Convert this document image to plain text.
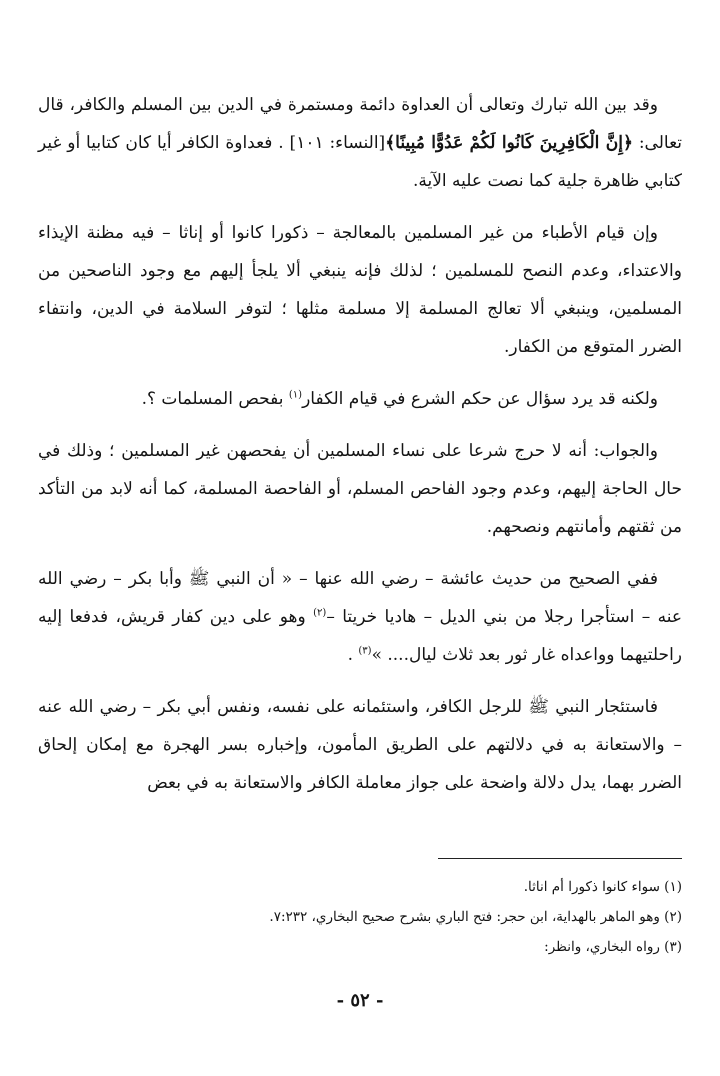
وقد بين الله تبارك وتعالى أن العداوة دائمة ومستمرة في الدين بين المسلم والكافر، قال تعالى: ﴿إِنَّ الْكَافِرِينَ كَانُوا لَكُمْ عَدُوًّا مُبِينًا﴾[النساء: ١٠١] . فعداوة الكافر أيا كان كتابيا أو غير كتابي ظاهرة جلية كما نصت عليه الآية.

وإن قيام الأطباء من غير المسلمين بالمعالجة – ذكورا كانوا أو إناثا – فيه مظنة الإيذاء والاعتداء، وعدم النصح للمسلمين ؛ لذلك فإنه ينبغي ألا يلجأ إليهم مع وجود الناصحين من المسلمين، وينبغي ألا تعالج المسلمة إلا مسلمة مثلها ؛ لتوفر السلامة في الدين، وانتفاء الضرر المتوقع من الكفار.

ولكنه قد يرد سؤال عن حكم الشرع في قيام الكفار$^{(١)}$ بفحص المسلمات ؟.

والجواب: أنه لا حرج شرعا على نساء المسلمين أن يفحصهن غير المسلمين ؛ وذلك في حال الحاجة إليهم، وعدم وجود الفاحص المسلم، أو الفاحصة المسلمة، كما أنه لابد من التأكد من ثقتهم وأمانتهم ونصحهم.

ففي الصحيح من حديث عائشة – رضي الله عنها – « أن النبي ﷺ وأبا بكر – رضي الله عنه – استأجرا رجلا من بني الديل – هاديا خريتا –$^{(٢)}$ وهو على دين كفار قريش، فدفعا إليه راحلتيهما وواعداه غار ثور بعد ثلاث ليال.... »$^{(٣)}$ .

فاستئجار النبي ﷺ للرجل الكافر، واستئمانه على نفسه، ونفس أبي بكر – رضي الله عنه – والاستعانة به في دلالتهم على الطريق المأمون، وإخباره بسر الهجرة مع إمكان إلحاق الضرر بهما، يدل دلالة واضحة على جواز معاملة الكافر والاستعانة به في بعض

(١) سواء كانوا ذكورا أم اناثا.
(٢) وهو الماهر بالهداية، ابن حجر: فتح الباري بشرح صحيح البخاري، ٧:٢٣٢.
(٣) رواه البخاري، وانظر:
- ٥٢ -
